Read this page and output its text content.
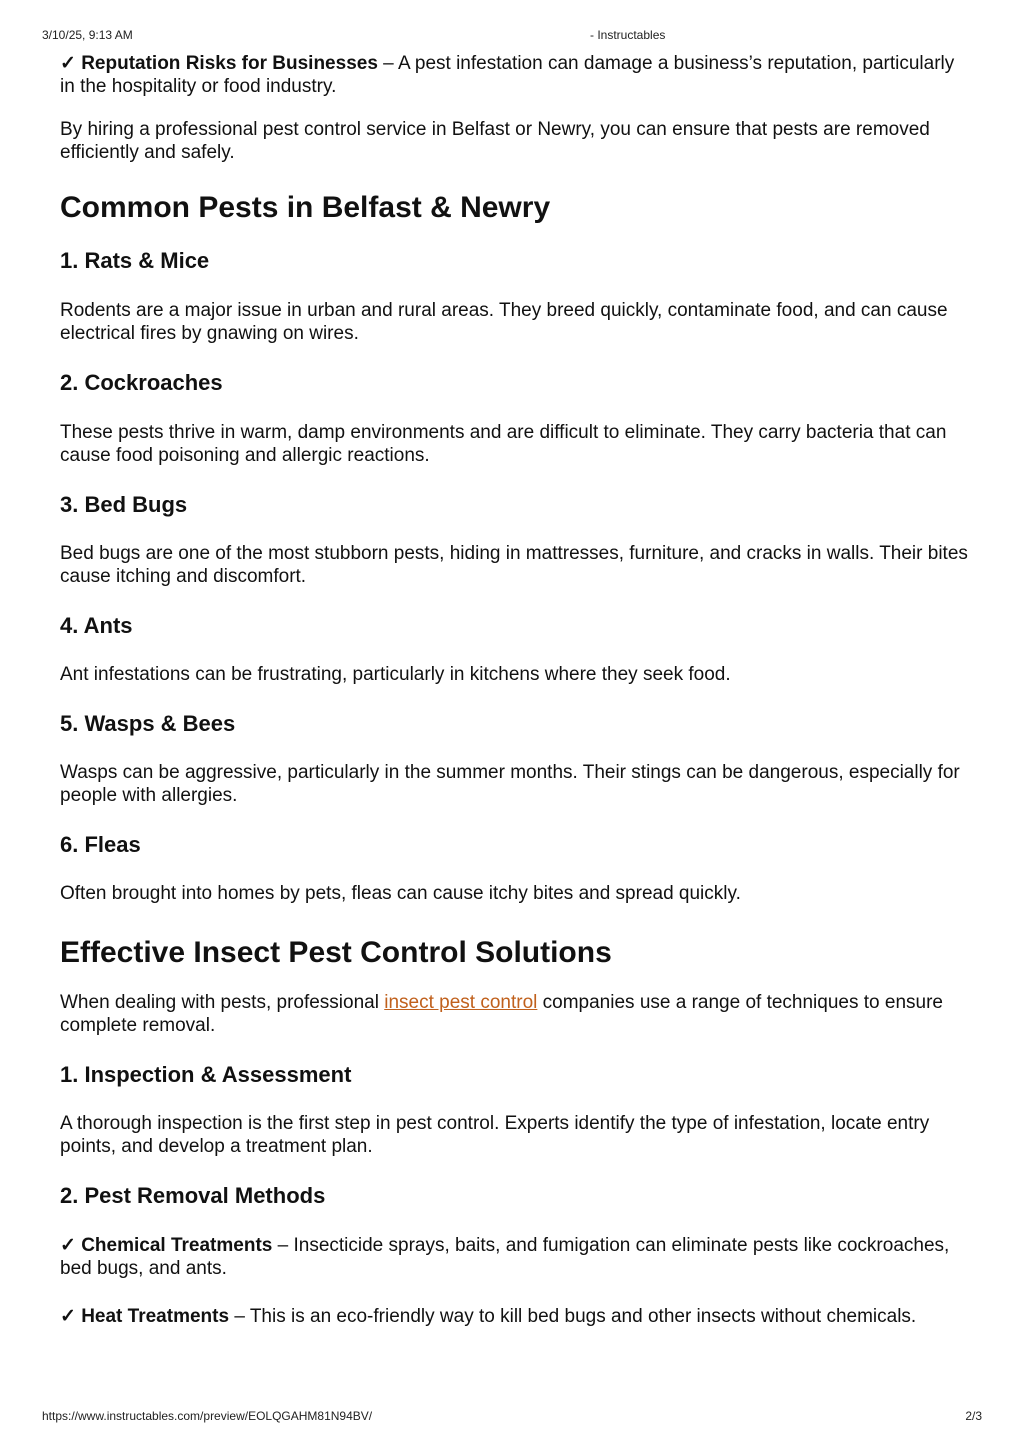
3/10/25, 9:13 AM	- Instructables

✓ Reputation Risks for Businesses – A pest infestation can damage a business’s reputation, particularly in the hospitality or food industry.

By hiring a professional pest control service in Belfast or Newry, you can ensure that pests are removed efficiently and safely.

Common Pests in Belfast & Newry
1. Rats & Mice

Rodents are a major issue in urban and rural areas. They breed quickly, contaminate food, and can cause electrical fires by gnawing on wires.

2. Cockroaches

These pests thrive in warm, damp environments and are difficult to eliminate. They carry bacteria that can cause food poisoning and allergic reactions.

3. Bed Bugs

Bed bugs are one of the most stubborn pests, hiding in mattresses, furniture, and cracks in walls. Their bites cause itching and discomfort.

4. Ants

Ant infestations can be frustrating, particularly in kitchens where they seek food.

5. Wasps & Bees

Wasps can be aggressive, particularly in the summer months. Their stings can be dangerous, especially for people with allergies.

6. Fleas

Often brought into homes by pets, fleas can cause itchy bites and spread quickly.

Effective Insect Pest Control Solutions

When dealing with pests, professional insect pest control companies use a range of techniques to ensure complete removal.

1. Inspection & Assessment

A thorough inspection is the first step in pest control. Experts identify the type of infestation, locate entry points, and develop a treatment plan.

2. Pest Removal Methods

✓ Chemical Treatments – Insecticide sprays, baits, and fumigation can eliminate pests like cockroaches, bed bugs, and ants.

✓ Heat Treatments – This is an eco-friendly way to kill bed bugs and other insects without chemicals.

https://www.instructables.com/preview/EOLQGAHM81N94BV/	2/3
